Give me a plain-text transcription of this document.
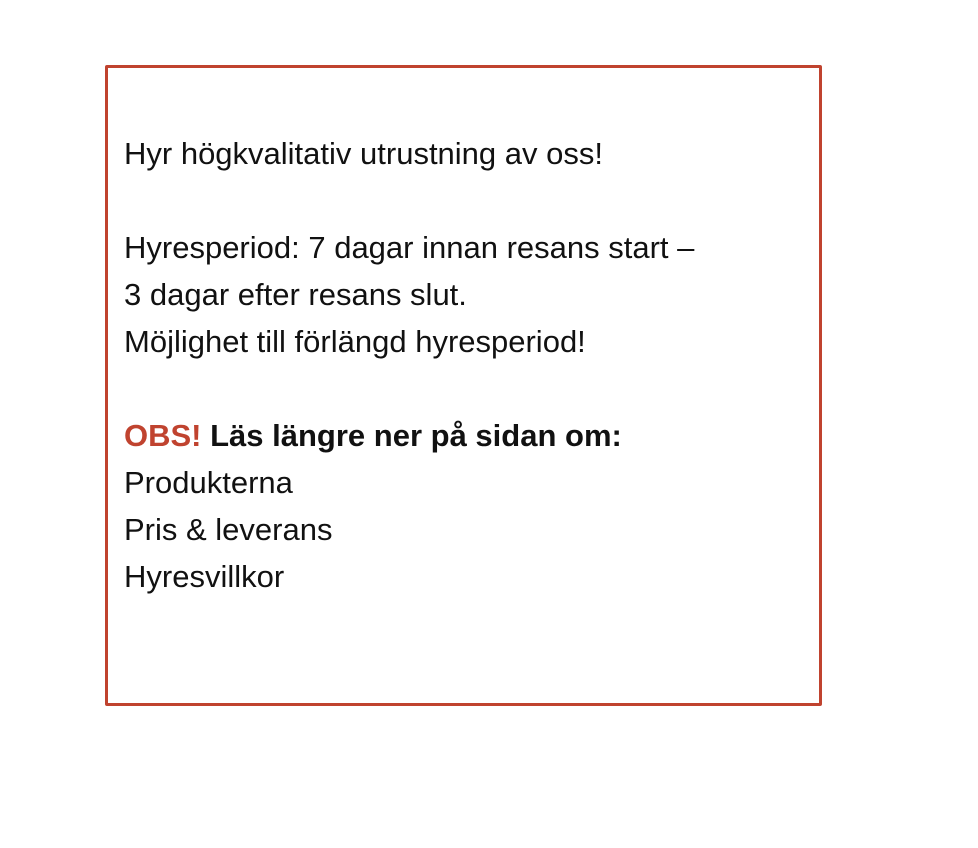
Hyr högkvalitativ utrustning av oss!
Hyresperiod: 7 dagar innan resans start –
3 dagar efter resans slut.
Möjlighet till förlängd hyresperiod!
OBS! Läs längre ner på sidan om:
Produkterna
Pris & leverans
Hyresvillkor
